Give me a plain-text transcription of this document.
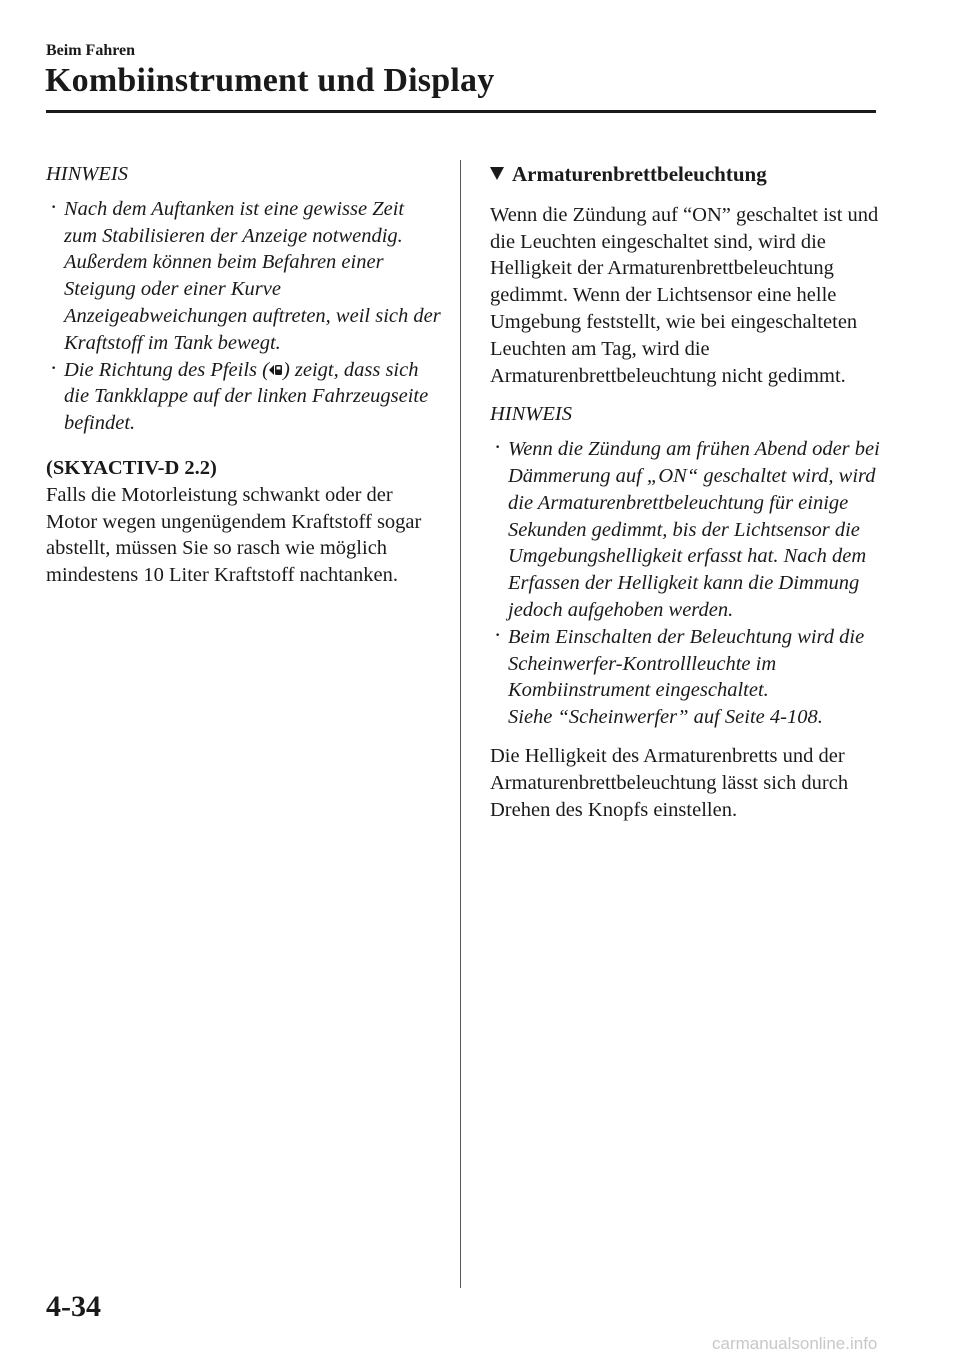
Beim Fahren
Kombiinstrument und Display
HINWEIS
· Nach dem Auftanken ist eine gewisse Zeit zum Stabilisieren der Anzeige notwendig. Außerdem können beim Befahren einer Steigung oder einer Kurve Anzeigeabweichungen auftreten, weil sich der Kraftstoff im Tank bewegt.
· Die Richtung des Pfeils ( ) zeigt, dass sich die Tankklappe auf der linken Fahrzeugseite befindet.
(SKYACTIV-D 2.2)

Falls die Motorleistung schwankt oder der Motor wegen ungenügendem Kraftstoff sogar abstellt, müssen Sie so rasch wie möglich mindestens 10 Liter Kraftstoff nachtanken.

Armaturenbrettbeleuchtung

Wenn die Zündung auf “ON” geschaltet ist und die Leuchten eingeschaltet sind, wird die Helligkeit der Armaturenbrettbeleuchtung gedimmt. Wenn der Lichtsensor eine helle Umgebung feststellt, wie bei eingeschalteten Leuchten am Tag, wird die Armaturenbrettbeleuchtung nicht gedimmt.

HINWEIS
· Wenn die Zündung am frühen Abend oder bei Dämmerung auf „ON“ geschaltet wird, wird die Armaturenbrettbeleuchtung für einige Sekunden gedimmt, bis der Lichtsensor die Umgebungshelligkeit erfasst hat. Nach dem Erfassen der Helligkeit kann die Dimmung jedoch aufgehoben werden.
· Beim Einschalten der Beleuchtung wird die Scheinwerfer-Kontrollleuchte im Kombiinstrument eingeschaltet.
Siehe “Scheinwerfer” auf Seite 4-108.

Die Helligkeit des Armaturenbretts und der Armaturenbrettbeleuchtung lässt sich durch Drehen des Knopfs einstellen.

4-34
carmanualsonline.info
